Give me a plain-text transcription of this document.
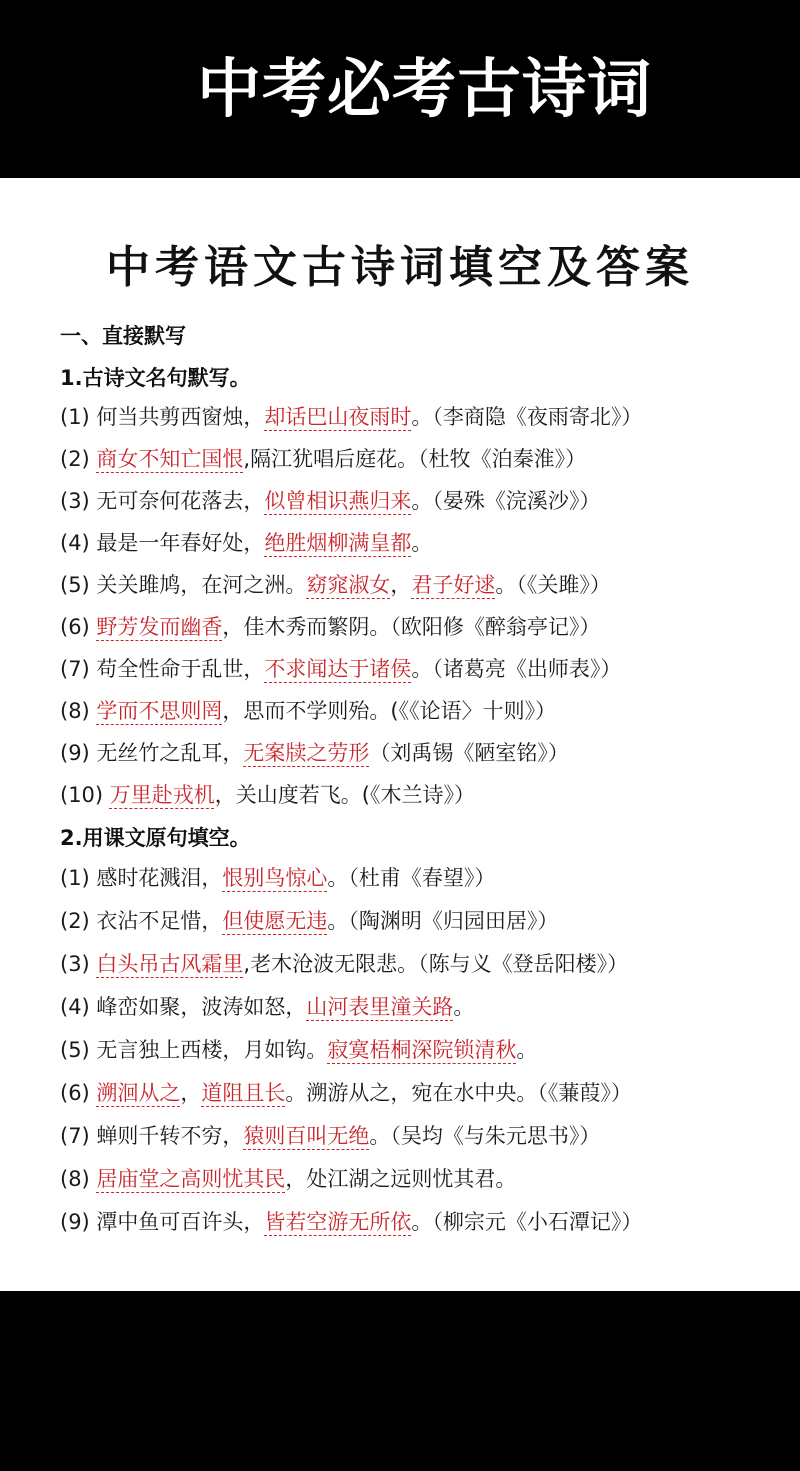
中考必考古诗词
中考语文古诗词填空及答案
一、直接默写
1.古诗文名句默写。
(1) 何当共剪西窗烛，却话巴山夜雨时。（李商隐《夜雨寄北》）
(2) 商女不知亡国恨,隔江犹唱后庭花。（杜牧《泊秦淮》）
(3) 无可奈何花落去，似曾相识燕归来。（晏殊《浣溪沙》）
(4) 最是一年春好处，绝胜烟柳满皇都。
(5) 关关雎鸠，在河之洲。窈窕淑女，君子好逑。（《关雎》）
(6) 野芳发而幽香，佳木秀而繁阴。（欧阳修《醉翁亭记》）
(7) 苟全性命于乱世，不求闻达于诸侯。（诸葛亮《出师表》）
(8) 学而不思则罔，思而不学则殆。(《《论语〉十则》）
(9) 无丝竹之乱耳，无案牍之劳形（刘禹锡《陋室铭》）
(10) 万里赴戎机，关山度若飞。(《木兰诗》）
2.用课文原句填空。
(1) 感时花溅泪，恨别鸟惊心。（杜甫《春望》）
(2) 衣沾不足惜，但使愿无违。（陶渊明《归园田居》）
(3) 白头吊古风霜里,老木沧波无限悲。（陈与义《登岳阳楼》）
(4) 峰峦如聚，波涛如怒，山河表里潼关路。
(5) 无言独上西楼，月如钩。寂寞梧桐深院锁清秋。
(6) 溯洄从之，道阻且长。溯游从之，宛在水中央。（《蒹葭》）
(7) 蝉则千转不穷，猿则百叫无绝。（吴均《与朱元思书》）
(8) 居庙堂之高则忧其民，处江湖之远则忧其君。
(9) 潭中鱼可百许头，皆若空游无所依。（柳宗元《小石潭记》）
